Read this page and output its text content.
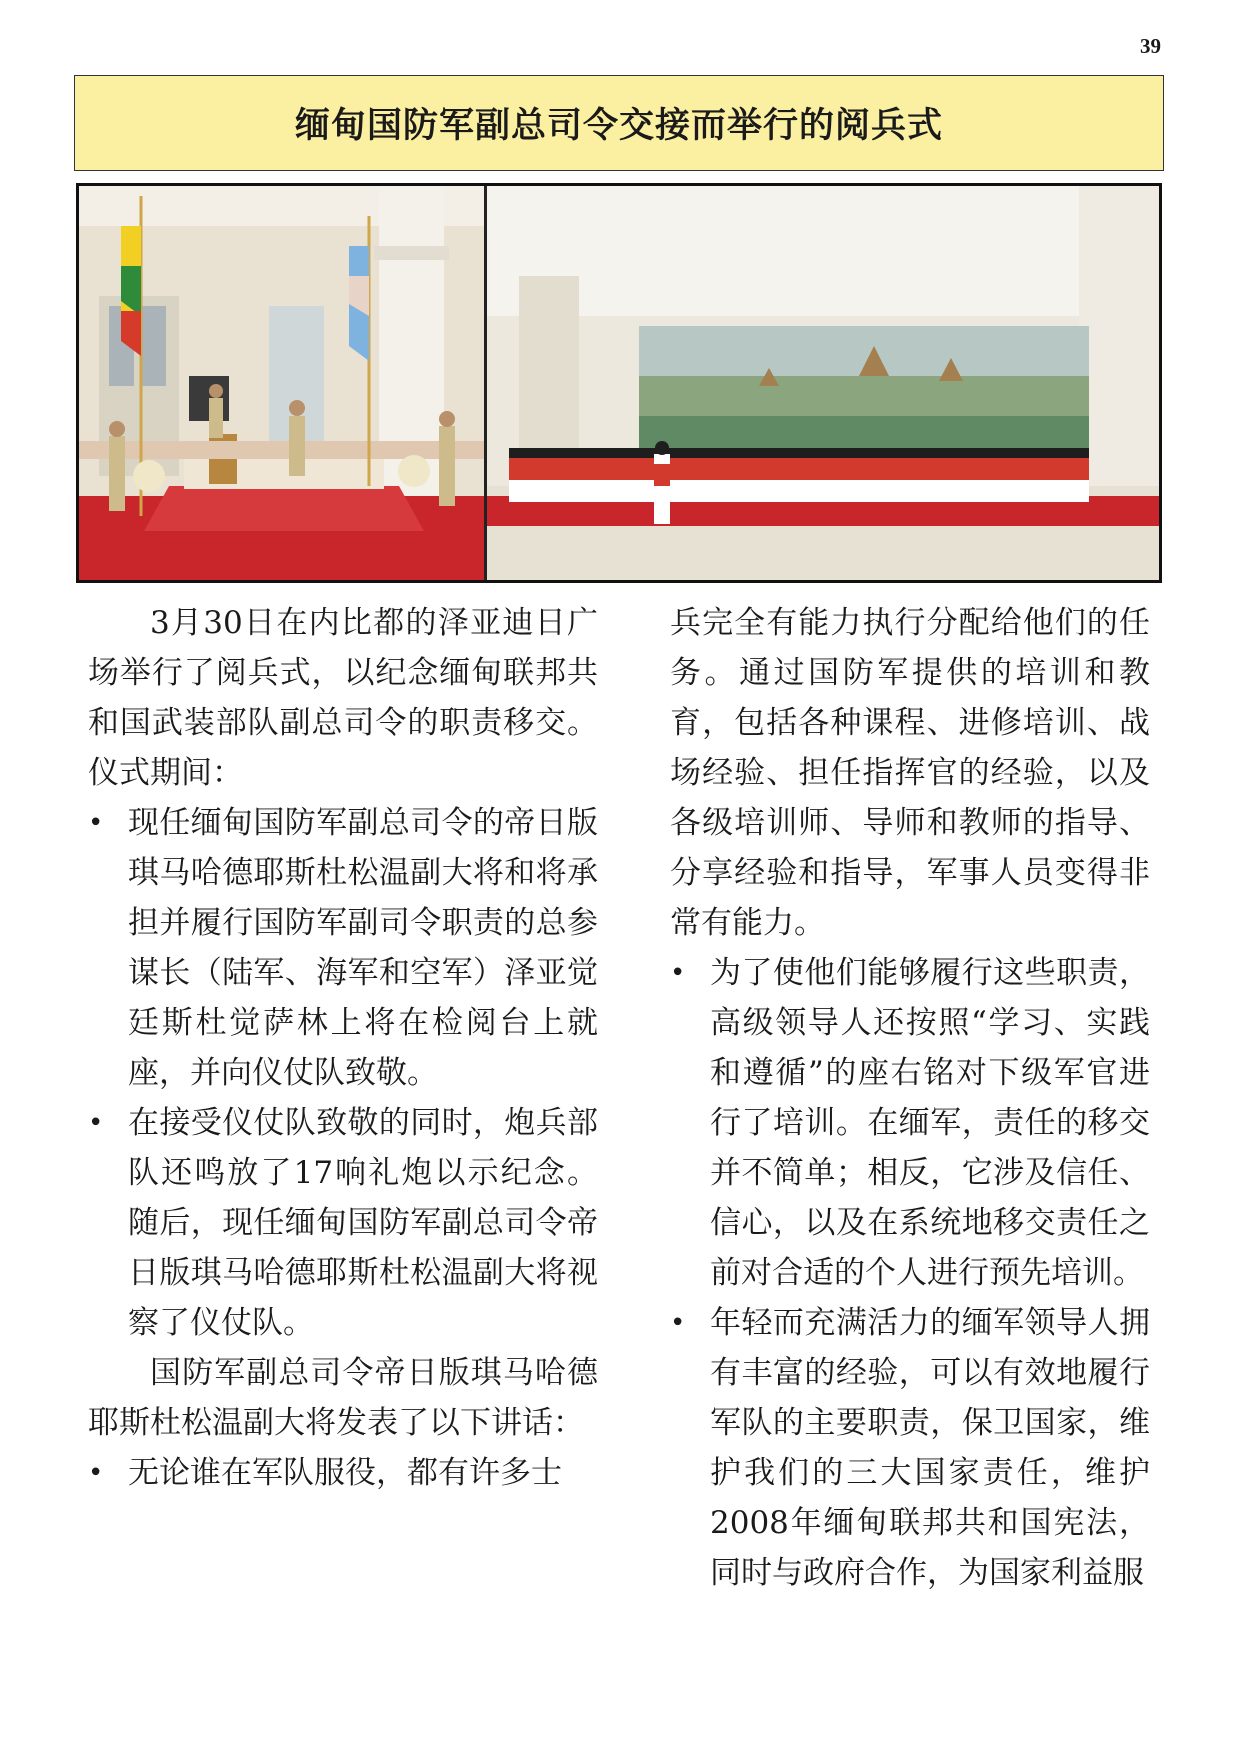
39
缅甸国防军副总司令交接而举行的阅兵式

3月30日在内比都的泽亚迪日广场举行了阅兵式，以纪念缅甸联邦共和国武装部队副总司令的职责移交。仪式期间：

• 现任缅甸国防军副总司令的帝日版琪马哈德耶斯杜松温副大将和将承担并履行国防军副司令职责的总参谋长（陆军、海军和空军）泽亚觉廷斯杜觉萨林上将在检阅台上就座，并向仪仗队致敬。
• 在接受仪仗队致敬的同时，炮兵部队还鸣放了17响礼炮以示纪念。随后，现任缅甸国防军副总司令帝日版琪马哈德耶斯杜松温副大将视察了仪仗队。

国防军副总司令帝日版琪马哈德耶斯杜松温副大将发表了以下讲话：

• 无论谁在军队服役，都有许多士
兵完全有能力执行分配给他们的任务。通过国防军提供的培训和教育，包括各种课程、进修培训、战场经验、担任指挥官的经验，以及各级培训师、导师和教师的指导、分享经验和指导，军事人员变得非常有能力。
• 为了使他们能够履行这些职责，高级领导人还按照“学习、实践和遵循”的座右铭对下级军官进行了培训。在缅军，责任的移交并不简单；相反，它涉及信任、信心，以及在系统地移交责任之前对合适的个人进行预先培训。
• 年轻而充满活力的缅军领导人拥有丰富的经验，可以有效地履行军队的主要职责，保卫国家，维护我们的三大国家责任，维护2008年缅甸联邦共和国宪法，同时与政府合作，为国家利益服
